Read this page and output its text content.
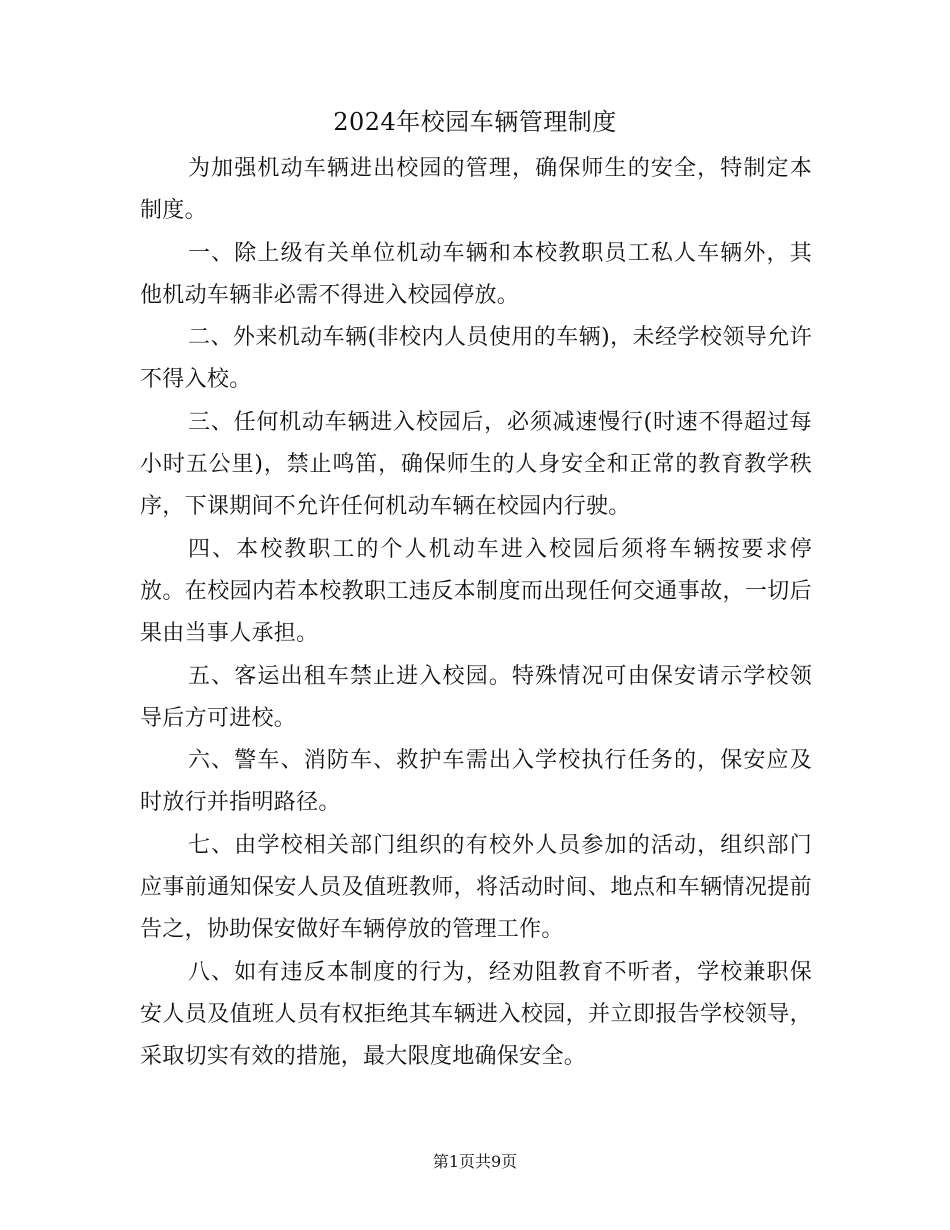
2024年校园车辆管理制度

为加强机动车辆进出校园的管理，确保师生的安全，特制定本制度。

一、除上级有关单位机动车辆和本校教职员工私人车辆外，其他机动车辆非必需不得进入校园停放。

二、外来机动车辆(非校内人员使用的车辆)，未经学校领导允许不得入校。

三、任何机动车辆进入校园后，必须减速慢行(时速不得超过每小时五公里)，禁止鸣笛，确保师生的人身安全和正常的教育教学秩序，下课期间不允许任何机动车辆在校园内行驶。

四、本校教职工的个人机动车进入校园后须将车辆按要求停放。在校园内若本校教职工违反本制度而出现任何交通事故，一切后果由当事人承担。

五、客运出租车禁止进入校园。特殊情况可由保安请示学校领导后方可进校。

六、警车、消防车、救护车需出入学校执行任务的，保安应及时放行并指明路径。

七、由学校相关部门组织的有校外人员参加的活动，组织部门应事前通知保安人员及值班教师，将活动时间、地点和车辆情况提前告之，协助保安做好车辆停放的管理工作。

八、如有违反本制度的行为，经劝阻教育不听者，学校兼职保安人员及值班人员有权拒绝其车辆进入校园，并立即报告学校领导，采取切实有效的措施，最大限度地确保安全。

第1页共9页
